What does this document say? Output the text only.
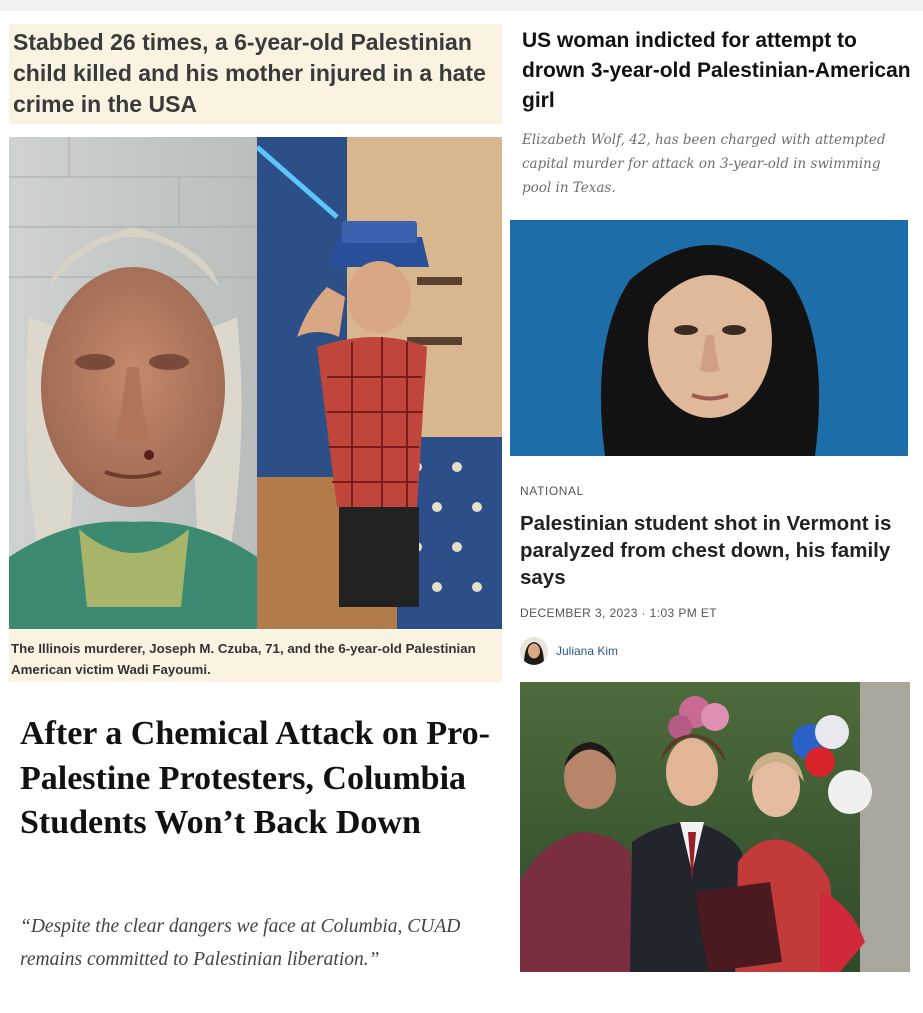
Stabbed 26 times, a 6-year-old Palestinian child killed and his mother injured in a hate crime in the USA

The Illinois murderer, Joseph M. Czuba, 71, and the 6-year-old Palestinian American victim Wadi Fayoumi.

US woman indicted for attempt to drown 3-year-old Palestinian-American girl

Elizabeth Wolf, 42, has been charged with attempted capital murder for attack on 3-year-old in swimming pool in Texas.

NATIONAL
Palestinian student shot in Vermont is paralyzed from chest down, his family says
DECEMBER 3, 2023 · 1:03 PM ET
Juliana Kim
After a Chemical Attack on Pro-Palestine Protesters, Columbia Students Won’t Back Down

“Despite the clear dangers we face at Columbia, CUAD remains committed to Palestinian liberation.”
